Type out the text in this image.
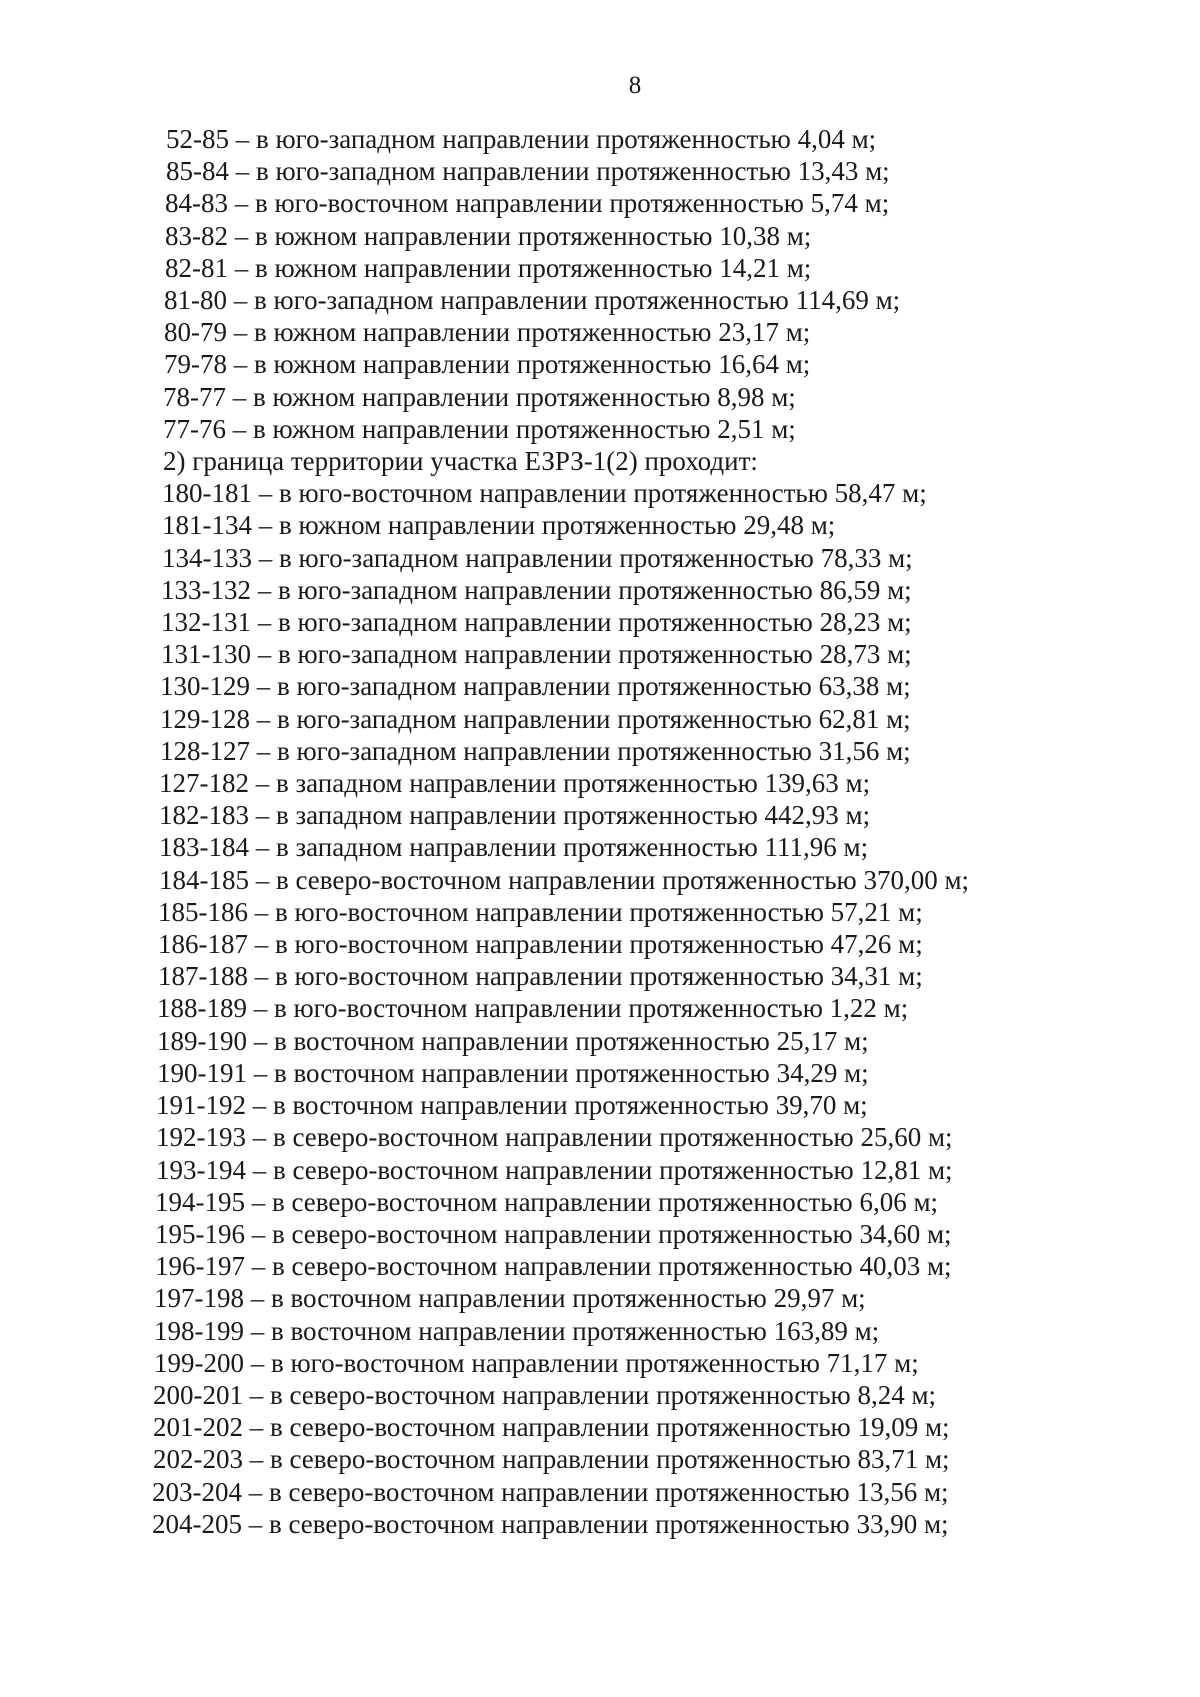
8
52-85 – в юго-западном направлении протяженностью 4,04 м;
85-84 – в юго-западном направлении протяженностью 13,43 м;
84-83 – в юго-восточном направлении протяженностью 5,74 м;
83-82 – в южном направлении протяженностью 10,38 м;
82-81 – в южном направлении протяженностью 14,21 м;
81-80 – в юго-западном направлении протяженностью 114,69 м;
80-79 – в южном направлении протяженностью 23,17 м;
79-78 – в южном направлении протяженностью 16,64 м;
78-77 – в южном направлении протяженностью 8,98 м;
77-76 – в южном направлении протяженностью 2,51 м;
2) граница территории участка ЕЗРЗ-1(2) проходит:
180-181 – в юго-восточном направлении протяженностью 58,47 м;
181-134 – в южном направлении протяженностью 29,48 м;
134-133 – в юго-западном направлении протяженностью 78,33 м;
133-132 – в юго-западном направлении протяженностью 86,59 м;
132-131 – в юго-западном направлении протяженностью 28,23 м;
131-130 – в юго-западном направлении протяженностью 28,73 м;
130-129 – в юго-западном направлении протяженностью 63,38 м;
129-128 – в юго-западном направлении протяженностью 62,81 м;
128-127 – в юго-западном направлении протяженностью 31,56 м;
127-182 – в западном направлении протяженностью 139,63 м;
182-183 – в западном направлении протяженностью 442,93 м;
183-184 – в западном направлении протяженностью 111,96 м;
184-185 – в северо-восточном направлении протяженностью 370,00 м;
185-186 – в юго-восточном направлении протяженностью 57,21 м;
186-187 – в юго-восточном направлении протяженностью 47,26 м;
187-188 – в юго-восточном направлении протяженностью 34,31 м;
188-189 – в юго-восточном направлении протяженностью 1,22 м;
189-190 – в восточном направлении протяженностью 25,17 м;
190-191 – в восточном направлении протяженностью 34,29 м;
191-192 – в восточном направлении протяженностью 39,70 м;
192-193 – в северо-восточном направлении протяженностью 25,60 м;
193-194 – в северо-восточном направлении протяженностью 12,81 м;
194-195 – в северо-восточном направлении протяженностью 6,06 м;
195-196 – в северо-восточном направлении протяженностью 34,60 м;
196-197 – в северо-восточном направлении протяженностью 40,03 м;
197-198 – в восточном направлении протяженностью 29,97 м;
198-199 – в восточном направлении протяженностью 163,89 м;
199-200 – в юго-восточном направлении протяженностью 71,17 м;
200-201 – в северо-восточном направлении протяженностью 8,24 м;
201-202 – в северо-восточном направлении протяженностью 19,09 м;
202-203 – в северо-восточном направлении протяженностью 83,71 м;
203-204 – в северо-восточном направлении протяженностью 13,56 м;
204-205 – в северо-восточном направлении протяженностью 33,90 м;
